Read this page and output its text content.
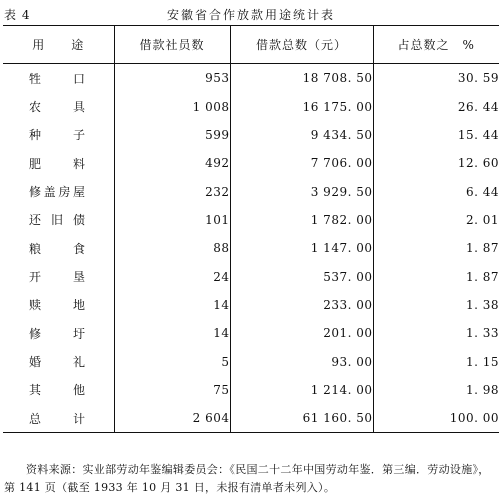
表 4	安徽省合作放款用途统计表
用　　途	借款社员数	借款总数（元）	占总数之　%

牲口	953	18 708. 50	30. 59

农具	1 008	16 175. 00	26. 44

种子	599	9 434. 50	15. 44

肥料	492	7 706. 00	12. 60

修盖房屋	232	3 929. 50	6. 44

还旧债	101	1 782. 00	2. 01

粮食	88	1 147. 00	1. 87

开垦	24	537. 00	1. 87

赎地	14	233. 00	1. 38

修圩	14	201. 00	1. 33

婚礼	5	93. 00	1. 15

其他	75	1 214. 00	1. 98

总计	2 604	61 160. 50	100. 00
资料来源：实业部劳动年鉴编辑委员会：《民国二十二年中国劳动年鉴．第三编．劳动设施》，第 141 页（截至 1933 年 10 月 31 日，未报有清单者未列入）。
